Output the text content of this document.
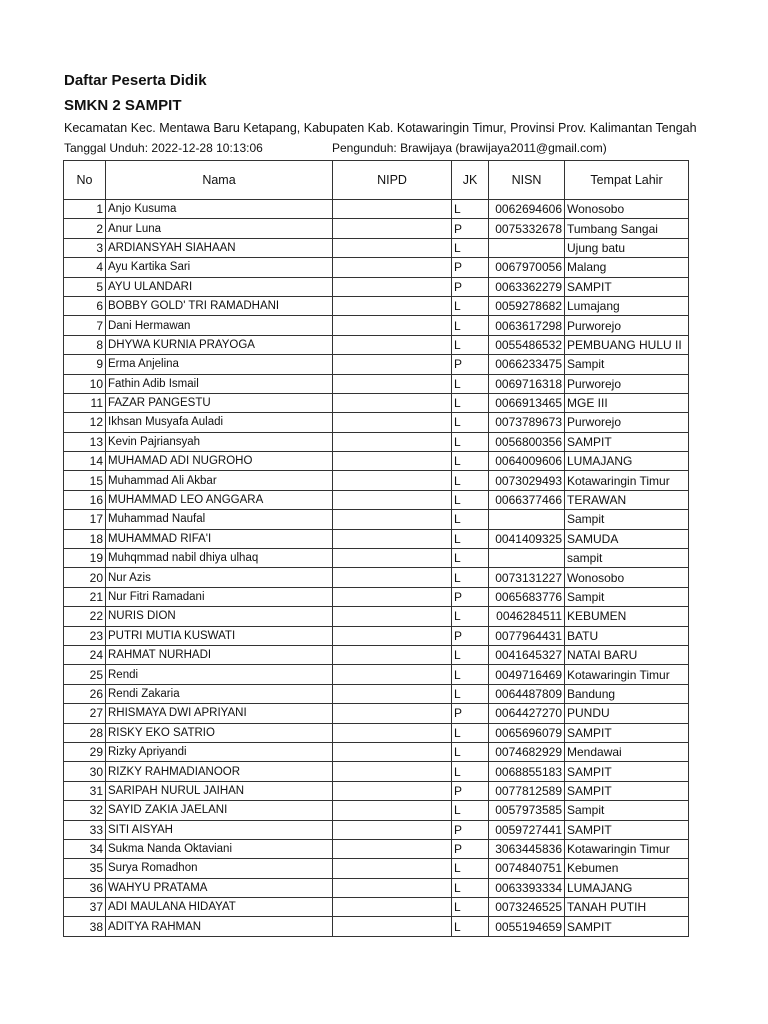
Daftar Peserta Didik
SMKN 2 SAMPIT
Kecamatan Kec. Mentawa Baru Ketapang, Kabupaten Kab. Kotawaringin Timur, Provinsi Prov. Kalimantan Tengah
Tanggal Unduh: 2022-12-28 10:13:06	Pengunduh: Brawijaya (brawijaya2011@gmail.com)
No	Nama	NIPD	JK	NISN	Tempat Lahir
1	Anjo Kusuma		L	0062694606	Wonosobo
2	Anur Luna		P	0075332678	Tumbang Sangai
3	ARDIANSYAH SIAHAAN		L		Ujung batu
4	Ayu Kartika Sari		P	0067970056	Malang
5	AYU ULANDARI		P	0063362279	SAMPIT
6	BOBBY GOLD' TRI RAMADHANI		L	0059278682	Lumajang
7	Dani Hermawan		L	0063617298	Purworejo
8	DHYWA KURNIA PRAYOGA		L	0055486532	PEMBUANG HULU II
9	Erma Anjelina		P	0066233475	Sampit
10	Fathin Adib Ismail		L	0069716318	Purworejo
11	FAZAR PANGESTU		L	0066913465	MGE III
12	Ikhsan Musyafa Auladi		L	0073789673	Purworejo
13	Kevin Pajriansyah		L	0056800356	SAMPIT
14	MUHAMAD ADI NUGROHO		L	0064009606	LUMAJANG
15	Muhammad Ali Akbar		L	0073029493	Kotawaringin Timur
16	MUHAMMAD LEO ANGGARA		L	0066377466	TERAWAN
17	Muhammad Naufal		L		Sampit
18	MUHAMMAD RIFA'I		L	0041409325	SAMUDA
19	Muhqmmad nabil dhiya ulhaq		L		sampit
20	Nur Azis		L	0073131227	Wonosobo
21	Nur Fitri Ramadani		P	0065683776	Sampit
22	NURIS DION		L	0046284511	KEBUMEN
23	PUTRI MUTIA KUSWATI		P	0077964431	BATU
24	RAHMAT NURHADI		L	0041645327	NATAI BARU
25	Rendi		L	0049716469	Kotawaringin Timur
26	Rendi Zakaria		L	0064487809	Bandung
27	RHISMAYA DWI APRIYANI		P	0064427270	PUNDU
28	RISKY EKO SATRIO		L	0065696079	SAMPIT
29	Rizky Apriyandi		L	0074682929	Mendawai
30	RIZKY RAHMADIANOOR		L	0068855183	SAMPIT
31	SARIPAH NURUL JAIHAN		P	0077812589	SAMPIT
32	SAYID ZAKIA JAELANI		L	0057973585	Sampit
33	SITI AISYAH		P	0059727441	SAMPIT
34	Sukma Nanda Oktaviani		P	3063445836	Kotawaringin Timur
35	Surya Romadhon		L	0074840751	Kebumen
36	WAHYU PRATAMA		L	0063393334	LUMAJANG
37	ADI MAULANA HIDAYAT		L	0073246525	TANAH PUTIH
38	ADITYA RAHMAN		L	0055194659	SAMPIT
